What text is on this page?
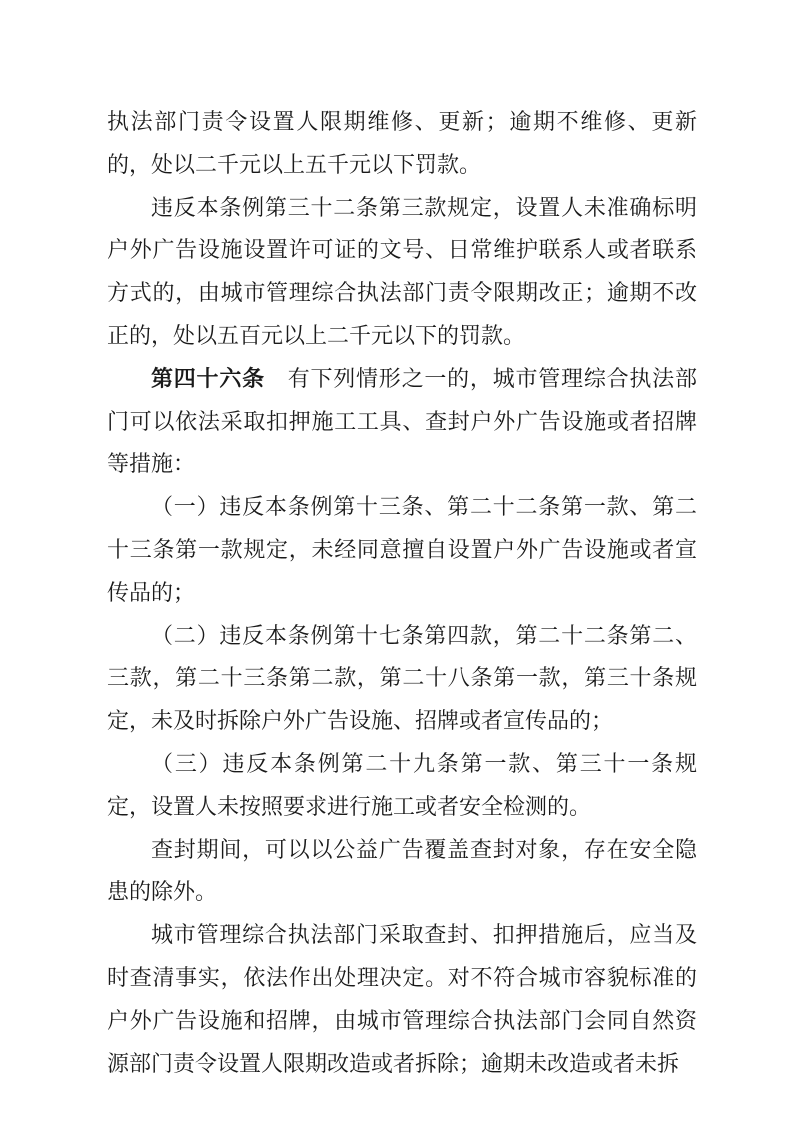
执法部门责令设置人限期维修、更新；逾期不维修、更新的，处以二千元以上五千元以下罚款。

违反本条例第三十二条第三款规定，设置人未准确标明户外广告设施设置许可证的文号、日常维护联系人或者联系方式的，由城市管理综合执法部门责令限期改正；逾期不改正的，处以五百元以上二千元以下的罚款。

第四十六条　 有下列情形之一的，城市管理综合执法部门可以依法采取扣押施工工具、查封户外广告设施或者招牌等措施：

（一）违反本条例第十三条、第二十二条第一款、第二十三条第一款规定，未经同意擅自设置户外广告设施或者宣传品的；

（二）违反本条例第十七条第四款，第二十二条第二、三款，第二十三条第二款，第二十八条第一款，第三十条规定，未及时拆除户外广告设施、招牌或者宣传品的；

（三）违反本条例第二十九条第一款、第三十一条规定，设置人未按照要求进行施工或者安全检测的。

查封期间，可以以公益广告覆盖查封对象，存在安全隐患的除外。

城市管理综合执法部门采取查封、扣押措施后，应当及时查清事实，依法作出处理决定。对不符合城市容貌标准的户外广告设施和招牌，由城市管理综合执法部门会同自然资源部门责令设置人限期改造或者拆除；逾期未改造或者未拆
